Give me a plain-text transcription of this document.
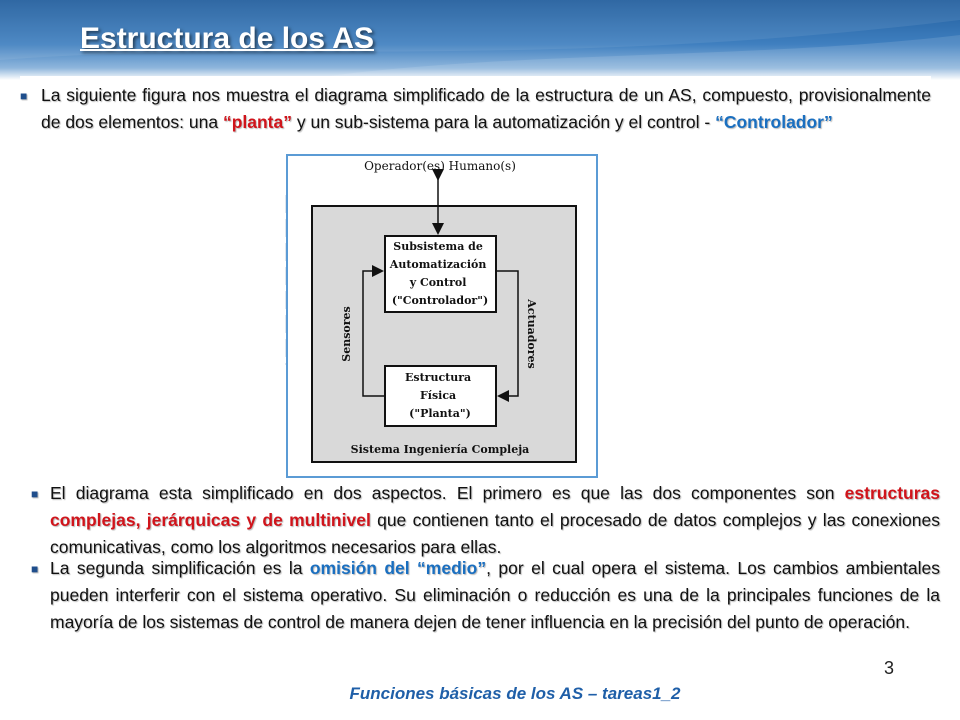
Estructura de los AS

■ La siguiente figura nos muestra el diagrama simplificado de la estructura de un AS, compuesto, provisionalmente de dos elementos: una “planta” y un sub-sistema para la automatización y el control - “Controlador”

Operador(es) Humano(s)
Subsistema de Automatización y Control ("Controlador")
Estructura Física ("Planta")
Sensores	Actuadores
Sistema Ingeniería Compleja

■ El diagrama esta simplificado en dos aspectos. El primero es que las dos componentes son estructuras complejas, jerárquicas y de multinivel que contienen tanto el procesado de datos complejos y las conexiones comunicativas, como los algoritmos necesarios para ellas.

■ La segunda simplificación es la omisión del “medio”, por el cual opera el sistema. Los cambios ambientales pueden interferir con el sistema operativo. Su eliminación o reducción es una de la principales funciones de la mayoría de los sistemas de control de manera dejen de tener influencia en la precisión del punto de operación.

3
Funciones básicas de los AS – tareas1_2
